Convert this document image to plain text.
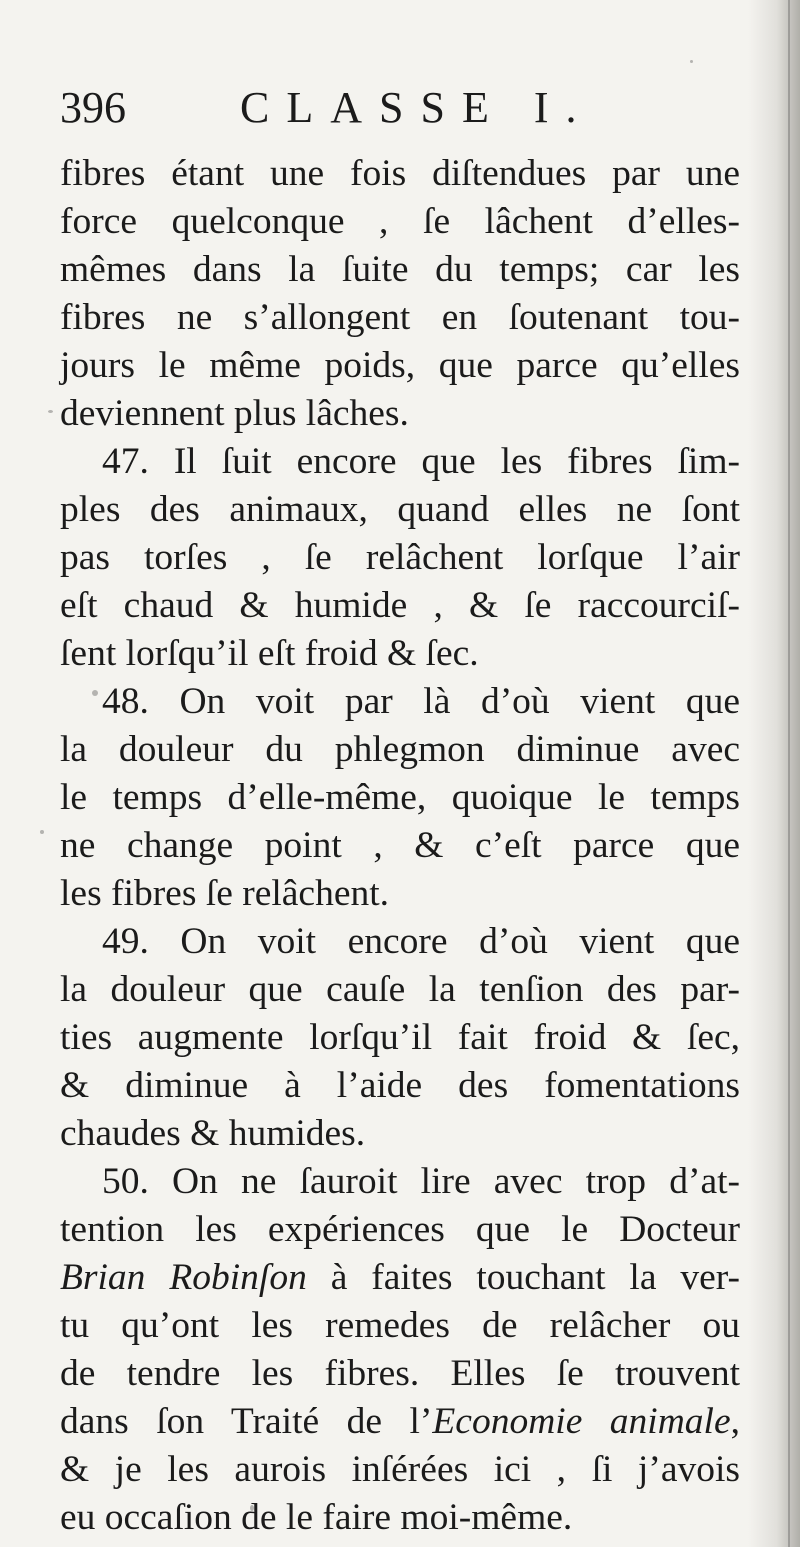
396	CLASSE I.
fibres étant une fois diſtendues par une
force quelconque , ſe lâchent d’elles-
mêmes dans la ſuite du temps; car les
fibres ne s’allongent en ſoutenant tou-
jours le même poids, que parce qu’elles
deviennent plus lâches.
47. Il ſuit encore que les fibres ſim-
ples des animaux, quand elles ne ſont
pas torſes , ſe relâchent lorſque l’air
eſt chaud & humide , & ſe raccourciſ-
ſent lorſqu’il eſt froid & ſec.
48. On voit par là d’où vient que
la douleur du phlegmon diminue avec
le temps d’elle-même, quoique le temps
ne change point , & c’eſt parce que
les fibres ſe relâchent.
49. On voit encore d’où vient que
la douleur que cauſe la tenſion des par-
ties augmente lorſqu’il fait froid & ſec,
& diminue à l’aide des fomentations
chaudes & humides.
50. On ne ſauroit lire avec trop d’at-
tention les expériences que le Docteur
Brian Robinſon à faites touchant la ver-
tu qu’ont les remedes de relâcher ou
de tendre les fibres. Elles ſe trouvent
dans ſon Traité de l’Economie animale,
& je les aurois inſérées ici , ſi j’avois
eu occaſion de le faire moi-même.
